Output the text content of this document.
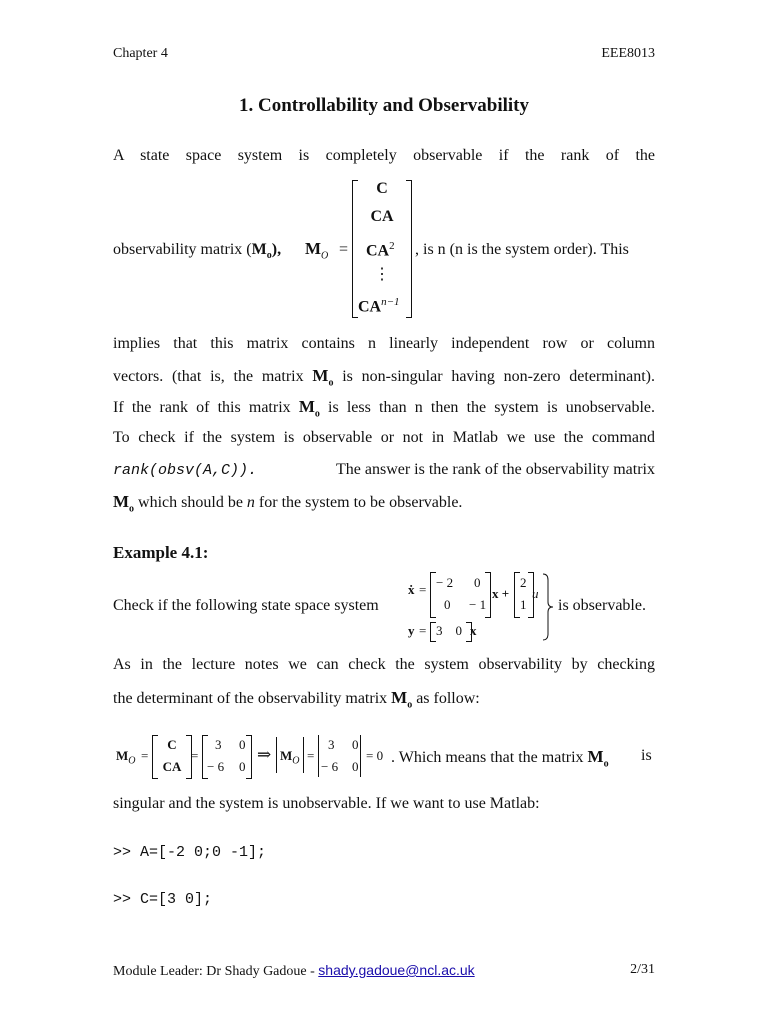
Chapter 4	EEE8013
1. Controllability and Observability
A state space system is completely observable if the rank of the
observability matrix $(M_o)$, $M_O$ =
C
CA
$CA^2$
⋮
$CA^{n-1}$
, is n (n is the system order). This
implies that this matrix contains n linearly independent row or column
vectors. (that is, the matrix $M_o$ is non-singular having non-zero determinant).
If the rank of this matrix $M_o$ is less than n then the system is unobservable.
To check if the system is observable or not in Matlab we use the command
rank(obsv(A,C)).	The answer is the rank of the observability matrix
$M_o$ which should be n for the system to be observable.
Example 4.1:
Check if the following state space system
ẋ = − 2 0
0 − 1
x +
2
1
u
y = 3    0 x
is observable.
As in the lecture notes we can check the system observability by checking
the determinant of the observability matrix $M_o$ as follow:
$M_O$ =
C
CA
=
3 0
− 6 0
⇒ $M_O$ =
3 0
− 6 0
= 0 . Which means that the matrix $M_o$ is
singular and the system is unobservable. If we want to use Matlab:
>> A=[-2 0;0 -1];
>> C=[3 0];
Module Leader: Dr Shady Gadoue - shady.gadoue@ncl.ac.uk	2/31
